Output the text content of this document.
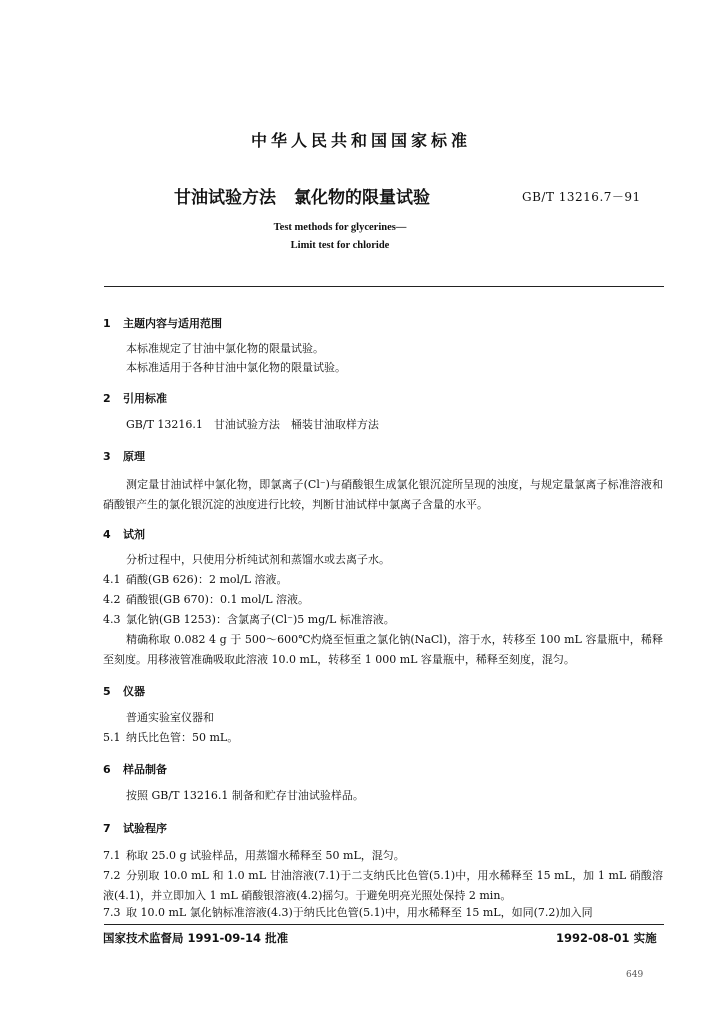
中华人民共和国国家标准
甘油试验方法 氯化物的限量试验	GB/T 13216.7－91
Test methods for glycerines—
Limit test for chloride
1 主题内容与适用范围
本标准规定了甘油中氯化物的限量试验。
本标准适用于各种甘油中氯化物的限量试验。
2 引用标准
GB/T 13216.1　甘油试验方法　桶装甘油取样方法
3 原理
测定量甘油试样中氯化物，即氯离子(Cl⁻)与硝酸银生成氯化银沉淀所呈现的浊度，与规定量氯离子标准溶液和硝酸银产生的氯化银沉淀的浊度进行比较，判断甘油试样中氯离子含量的水平。
4 试剂
分析过程中，只使用分析纯试剂和蒸馏水或去离子水。
4.1 硝酸(GB 626)：2 mol/L 溶液。
4.2 硝酸银(GB 670)：0.1 mol/L 溶液。
4.3 氯化钠(GB 1253)：含氯离子(Cl⁻)5 mg/L 标准溶液。
精确称取 0.082 4 g 于 500～600℃灼烧至恒重之氯化钠(NaCl)，溶于水，转移至 100 mL 容量瓶中，稀释至刻度。用移液管准确吸取此溶液 10.0 mL，转移至 1 000 mL 容量瓶中，稀释至刻度，混匀。
5 仪器
普通实验室仪器和
5.1 纳氏比色管：50 mL。
6 样品制备
按照 GB/T 13216.1 制备和贮存甘油试验样品。
7 试验程序
7.1 称取 25.0 g 试验样品，用蒸馏水稀释至 50 mL，混匀。
7.2 分别取 10.0 mL 和 1.0 mL 甘油溶液(7.1)于二支纳氏比色管(5.1)中，用水稀释至 15 mL，加 1 mL 硝酸溶液(4.1)，并立即加入 1 mL 硝酸银溶液(4.2)摇匀。于避免明亮光照处保持 2 min。
7.3 取 10.0 mL 氯化钠标准溶液(4.3)于纳氏比色管(5.1)中，用水稀释至 15 mL，如同(7.2)加入同
国家技术监督局 1991-09-14 批准	1992-08-01 实施
649
